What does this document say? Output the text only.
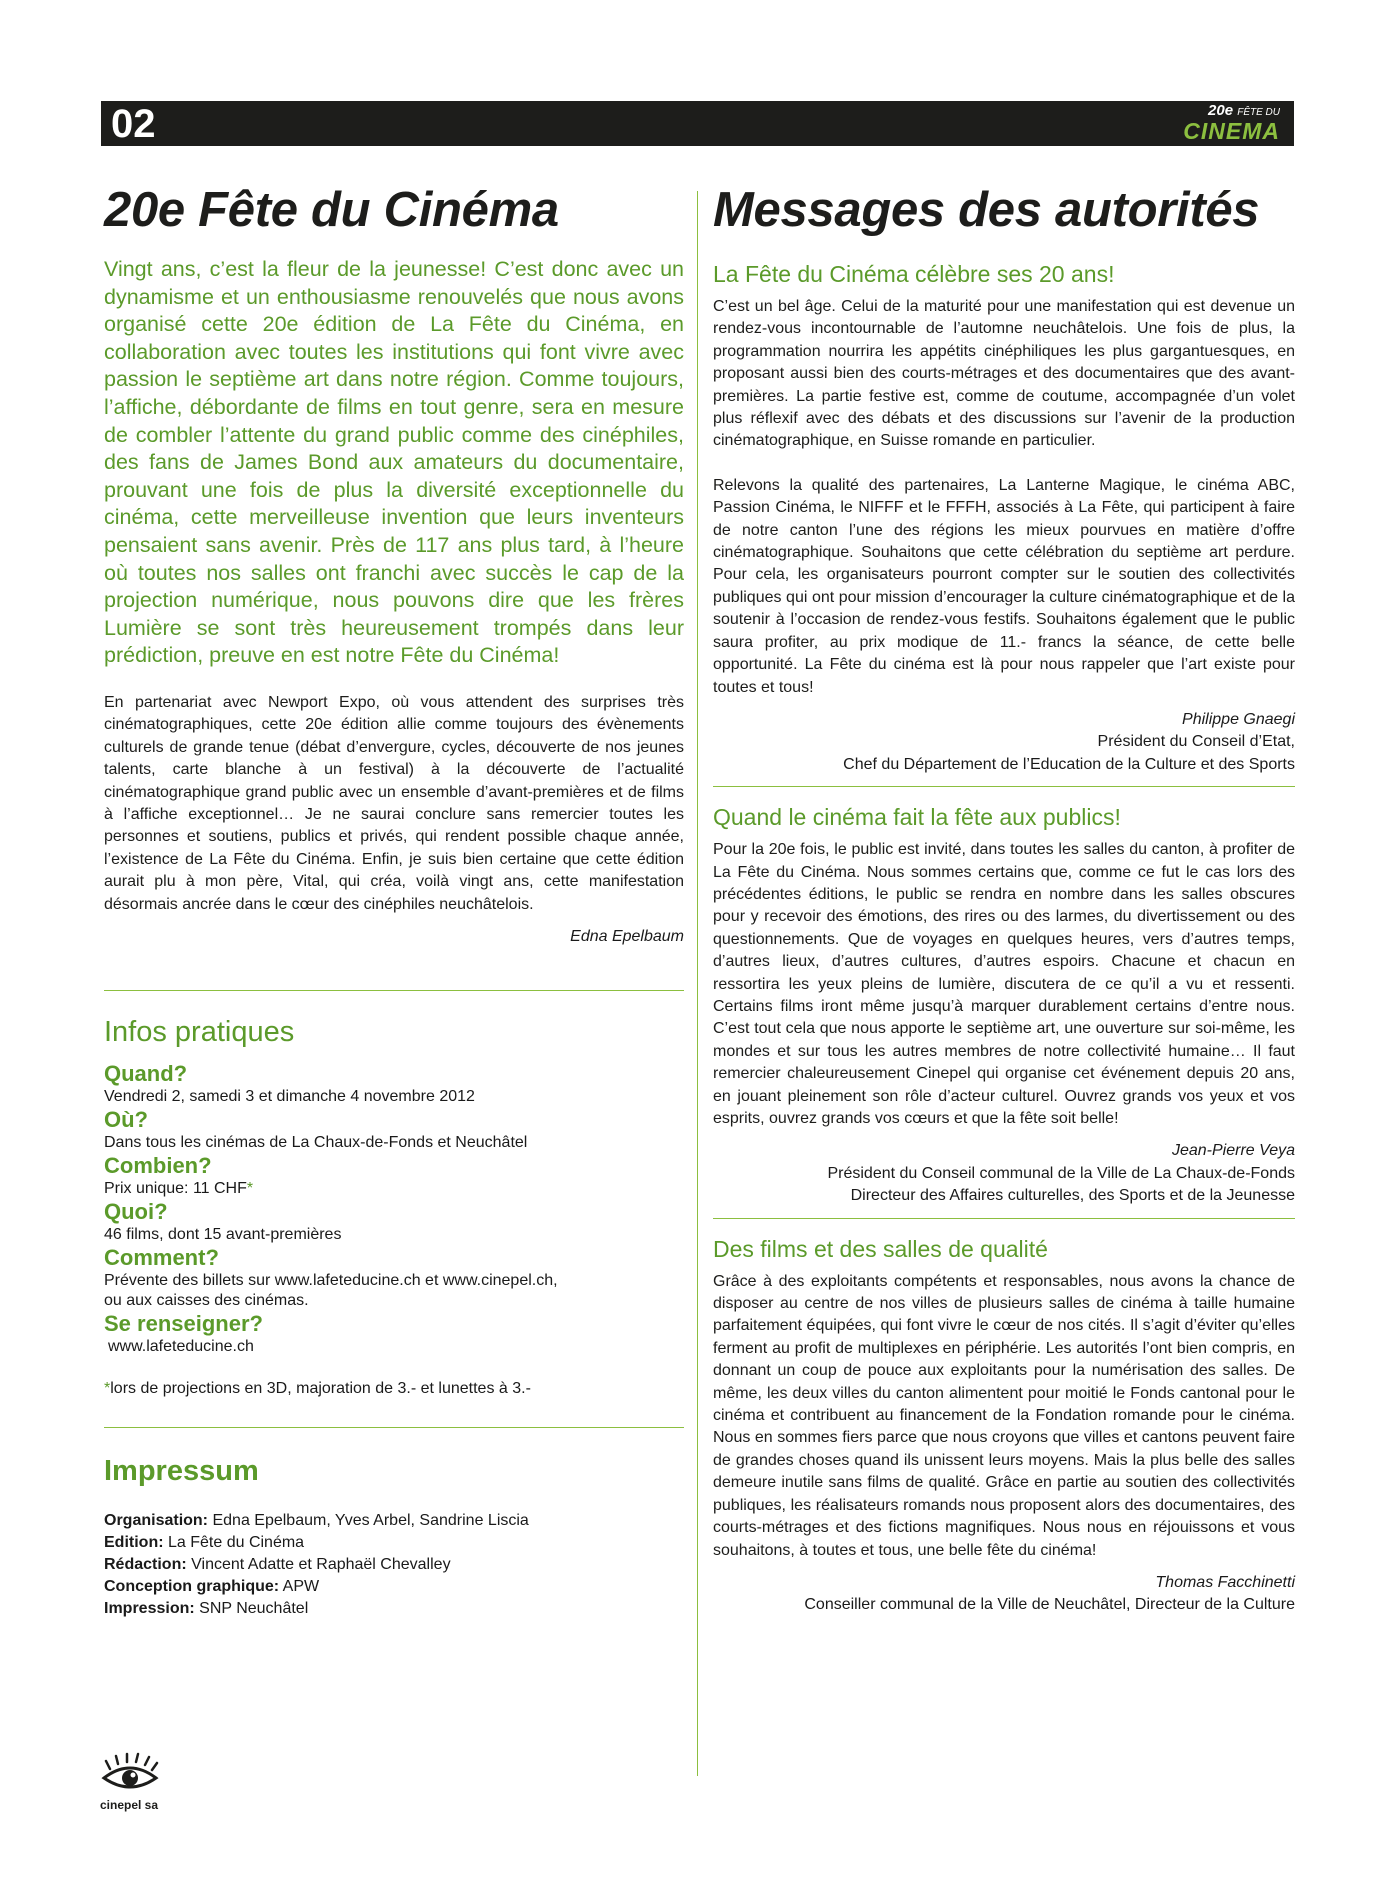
02	20e FÊTE DU
CINEMA
20e Fête du Cinéma

Vingt ans, c’est la fleur de la jeunesse! C’est donc avec un dynamisme et un enthousiasme renouvelés que nous avons organisé cette 20e édition de La Fête du Cinéma, en collaboration avec toutes les institutions qui font vivre avec passion le septième art dans notre région. Comme toujours, l’affiche, débordante de films en tout genre, sera en mesure de combler l’attente du grand public comme des cinéphiles, des fans de James Bond aux amateurs du documentaire, prouvant une fois de plus la diversité exceptionnelle du cinéma, cette merveilleuse invention que leurs inventeurs pensaient sans avenir. Près de 117 ans plus tard, à l’heure où toutes nos salles ont franchi avec succès le cap de la projection numérique, nous pouvons dire que les frères Lumière se sont très heureusement trompés dans leur prédiction, preuve en est notre Fête du Cinéma!

En partenariat avec Newport Expo, où vous attendent des surprises très cinématographiques, cette 20e édition allie comme toujours des évènements culturels de grande tenue (débat d’envergure, cycles, découverte de nos jeunes talents, carte blanche à un festival) à la découverte de l’actualité cinématographique grand public avec un ensemble d’avant-premières et de films à l’affiche exceptionnel… Je ne saurai conclure sans remercier toutes les personnes et soutiens, publics et privés, qui rendent possible chaque année, l’existence de La Fête du Cinéma. Enfin, je suis bien certaine que cette édition aurait plu à mon père, Vital, qui créa, voilà vingt ans, cette manifestation désormais ancrée dans le cœur des cinéphiles neuchâtelois.

Edna Epelbaum

Infos pratiques

Quand?

Vendredi 2, samedi 3 et dimanche 4 novembre 2012

Où?

Dans tous les cinémas de La Chaux-de-Fonds et Neuchâtel

Combien?

Prix unique: 11 CHF*

Quoi?

46 films, dont 15 avant-premières

Comment?

Prévente des billets sur www.lafeteducine.ch et www.cinepel.ch,

ou aux caisses des cinémas.

Se renseigner?

www.lafeteducine.ch

*lors de projections en 3D, majoration de 3.- et lunettes à 3.-

Impressum

Organisation: Edna Epelbaum, Yves Arbel, Sandrine Liscia

Edition: La Fête du Cinéma

Rédaction: Vincent Adatte et Raphaël Chevalley

Conception graphique: APW

Impression: SNP Neuchâtel

cinepel sa
Messages des autorités

La Fête du Cinéma célèbre ses 20 ans!

C’est un bel âge. Celui de la maturité pour une manifestation qui est devenue un rendez-vous incontournable de l’automne neuchâtelois. Une fois de plus, la programmation nourrira les appétits cinéphiliques les plus gargantuesques, en proposant aussi bien des courts-métrages et des documentaires que des avant-premières. La partie festive est, comme de coutume, accompagnée d’un volet plus réflexif avec des débats et des discussions sur l’avenir de la production cinématographique, en Suisse romande en particulier.

Relevons la qualité des partenaires, La Lanterne Magique, le cinéma ABC, Passion Cinéma, le NIFFF et le FFFH, associés à La Fête, qui participent à faire de notre canton l’une des régions les mieux pourvues en matière d’offre cinématographique. Souhaitons que cette célébration du septième art perdure. Pour cela, les organisateurs pourront compter sur le soutien des collectivités publiques qui ont pour mission d’encourager la culture cinématographique et de la soutenir à l’occasion de rendez-vous festifs. Souhaitons également que le public saura profiter, au prix modique de 11.- francs la séance, de cette belle opportunité. La Fête du cinéma est là pour nous rappeler que l’art existe pour toutes et tous!

Philippe Gnaegi

Président du Conseil d’Etat,

Chef du Département de l’Education de la Culture et des Sports

Quand le cinéma fait la fête aux publics!

Pour la 20e fois, le public est invité, dans toutes les salles du canton, à profiter de La Fête du Cinéma. Nous sommes certains que, comme ce fut le cas lors des précédentes éditions, le public se rendra en nombre dans les salles obscures pour y recevoir des émotions, des rires ou des larmes, du divertissement ou des questionnements. Que de voyages en quelques heures, vers d’autres temps, d’autres lieux, d’autres cultures, d’autres espoirs. Chacune et chacun en ressortira les yeux pleins de lumière, discutera de ce qu’il a vu et ressenti. Certains films iront même jusqu’à marquer durablement certains d’entre nous. C’est tout cela que nous apporte le septième art, une ouverture sur soi-même, les mondes et sur tous les autres membres de notre collectivité humaine… Il faut remercier chaleureusement Cinepel qui organise cet événement depuis 20 ans, en jouant pleinement son rôle d’acteur culturel. Ouvrez grands vos yeux et vos esprits, ouvrez grands vos cœurs et que la fête soit belle!

Jean-Pierre Veya

Président du Conseil communal de la Ville de La Chaux-de-Fonds

Directeur des Affaires culturelles, des Sports et de la Jeunesse

Des films et des salles de qualité

Grâce à des exploitants compétents et responsables, nous avons la chance de disposer au centre de nos villes de plusieurs salles de cinéma à taille humaine parfaitement équipées, qui font vivre le cœur de nos cités. Il s’agit d’éviter qu’elles ferment au profit de multiplexes en périphérie. Les autorités l’ont bien compris, en donnant un coup de pouce aux exploitants pour la numérisation des salles. De même, les deux villes du canton alimentent pour moitié le Fonds cantonal pour le cinéma et contribuent au financement de la Fondation romande pour le cinéma. Nous en sommes fiers parce que nous croyons que villes et cantons peuvent faire de grandes choses quand ils unissent leurs moyens. Mais la plus belle des salles demeure inutile sans films de qualité. Grâce en partie au soutien des collectivités publiques, les réalisateurs romands nous proposent alors des documentaires, des courts-métrages et des fictions magnifiques. Nous nous en réjouissons et vous souhaitons, à toutes et tous, une belle fête du cinéma!

Thomas Facchinetti

Conseiller communal de la Ville de Neuchâtel, Directeur de la Culture
